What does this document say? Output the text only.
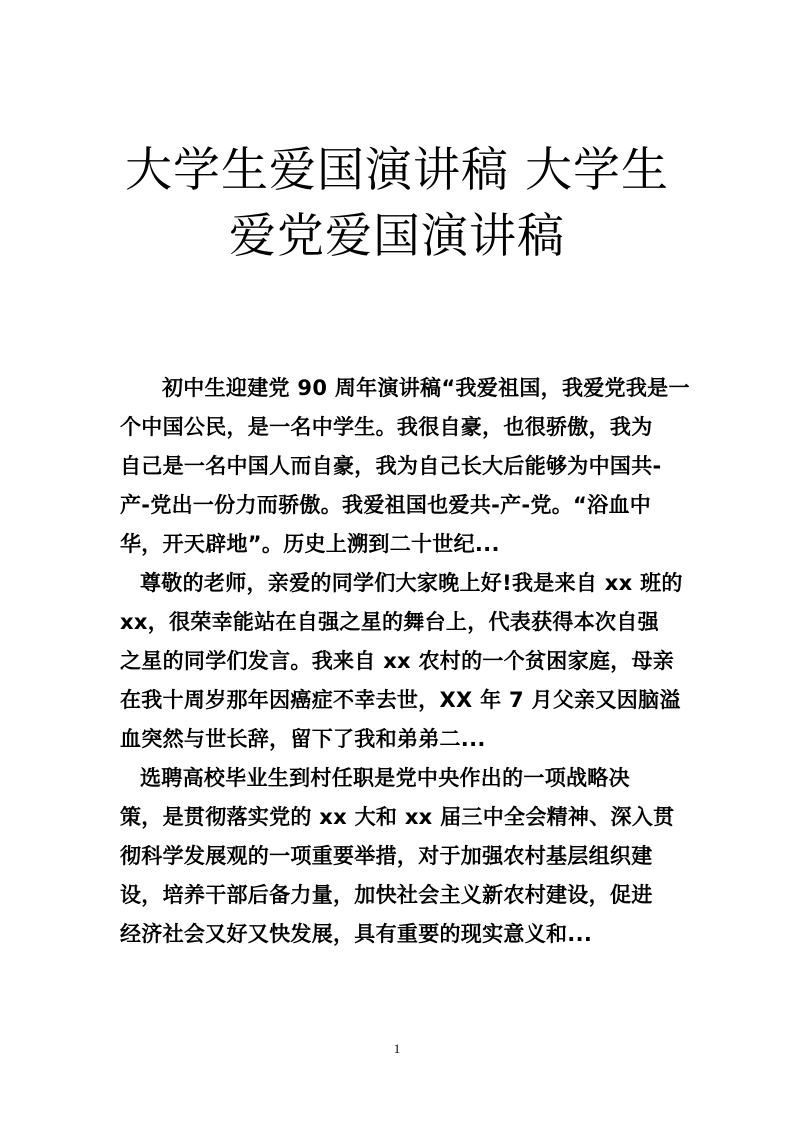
大学生爱国演讲稿 大学生
爱党爱国演讲稿
初中生迎建党 90 周年演讲稿“我爱祖国，我爱党我是一
个中国公民，是一名中学生。我很自豪，也很骄傲，我为
自己是一名中国人而自豪，我为自己长大后能够为中国共-
产-党出一份力而骄傲。我爱祖国也爱共-产-党。“浴血中
华，开天辟地”。历史上溯到二十世纪...
尊敬的老师，亲爱的同学们大家晚上好!我是来自 xx 班的
xx，很荣幸能站在自强之星的舞台上，代表获得本次自强
之星的同学们发言。我来自 xx 农村的一个贫困家庭，母亲
在我十周岁那年因癌症不幸去世，XX 年 7 月父亲又因脑溢
血突然与世长辞，留下了我和弟弟二...
选聘高校毕业生到村任职是党中央作出的一项战略决
策，是贯彻落实党的 xx 大和 xx 届三中全会精神、深入贯
彻科学发展观的一项重要举措，对于加强农村基层组织建
设，培养干部后备力量，加快社会主义新农村建设，促进
经济社会又好又快发展，具有重要的现实意义和...
1
